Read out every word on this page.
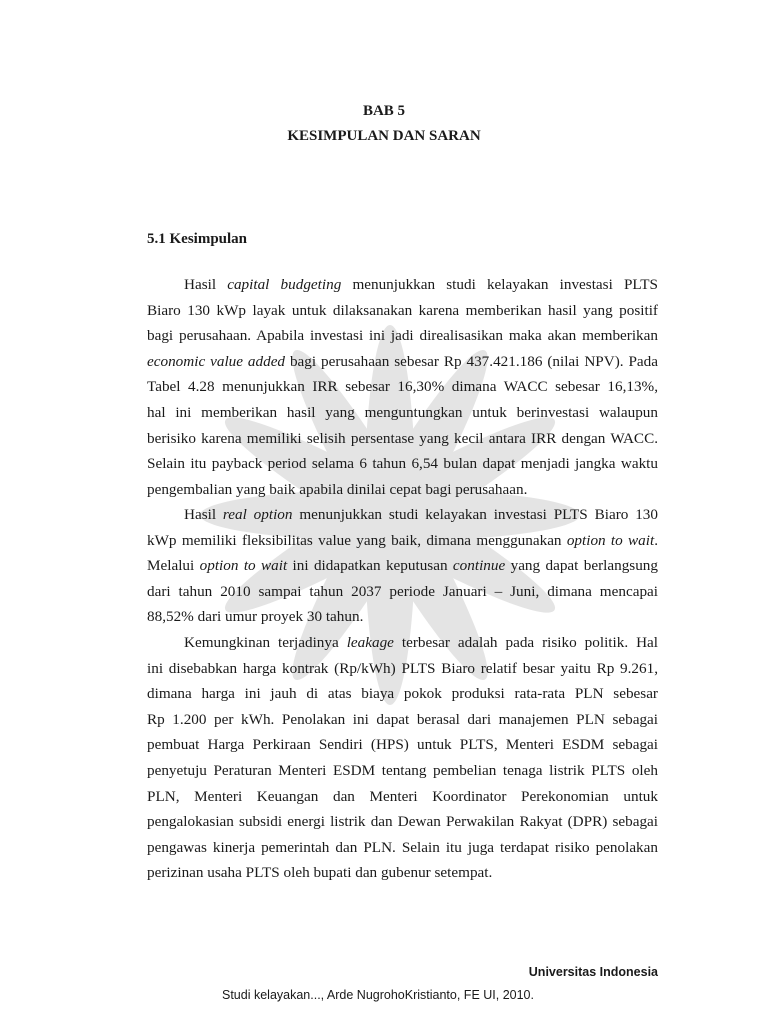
BAB 5
KESIMPULAN DAN SARAN
5.1 Kesimpulan
Hasil capital budgeting menunjukkan studi kelayakan investasi PLTS
Biaro 130 kWp layak untuk dilaksanakan karena memberikan hasil yang positif
bagi perusahaan. Apabila investasi ini jadi direalisasikan maka akan memberikan
economic value added bagi perusahaan sebesar Rp 437.421.186 (nilai NPV). Pada
Tabel 4.28 menunjukkan IRR sebesar 16,30% dimana WACC sebesar 16,13%,
hal ini memberikan hasil yang menguntungkan untuk berinvestasi walaupun
berisiko karena memiliki selisih persentase yang kecil antara IRR dengan WACC.
Selain itu payback period selama 6 tahun 6,54 bulan dapat menjadi jangka waktu
pengembalian yang baik apabila dinilai cepat bagi perusahaan.
Hasil real option menunjukkan studi kelayakan investasi PLTS Biaro 130
kWp memiliki fleksibilitas value yang baik, dimana menggunakan option to wait.
Melalui option to wait ini didapatkan keputusan continue yang dapat berlangsung
dari tahun 2010 sampai tahun 2037 periode Januari – Juni, dimana mencapai
88,52% dari umur proyek 30 tahun.
Kemungkinan terjadinya leakage terbesar adalah pada risiko politik. Hal
ini disebabkan harga kontrak (Rp/kWh) PLTS Biaro relatif besar yaitu Rp 9.261,
dimana harga ini jauh di atas biaya pokok produksi rata-rata PLN sebesar
Rp 1.200 per kWh. Penolakan ini dapat berasal dari manajemen PLN sebagai
pembuat Harga Perkiraan Sendiri (HPS) untuk PLTS, Menteri ESDM sebagai
penyetuju Peraturan Menteri ESDM tentang pembelian tenaga listrik PLTS oleh
PLN, Menteri Keuangan dan Menteri Koordinator Perekonomian untuk
pengalokasian subsidi energi listrik dan Dewan Perwakilan Rakyat (DPR) sebagai
pengawas kinerja pemerintah dan PLN. Selain itu juga terdapat risiko penolakan
perizinan usaha PLTS oleh bupati dan gubenur setempat.
Universitas Indonesia
Studi kelayakan..., Arde NugrohoKristianto, FE UI, 2010.
